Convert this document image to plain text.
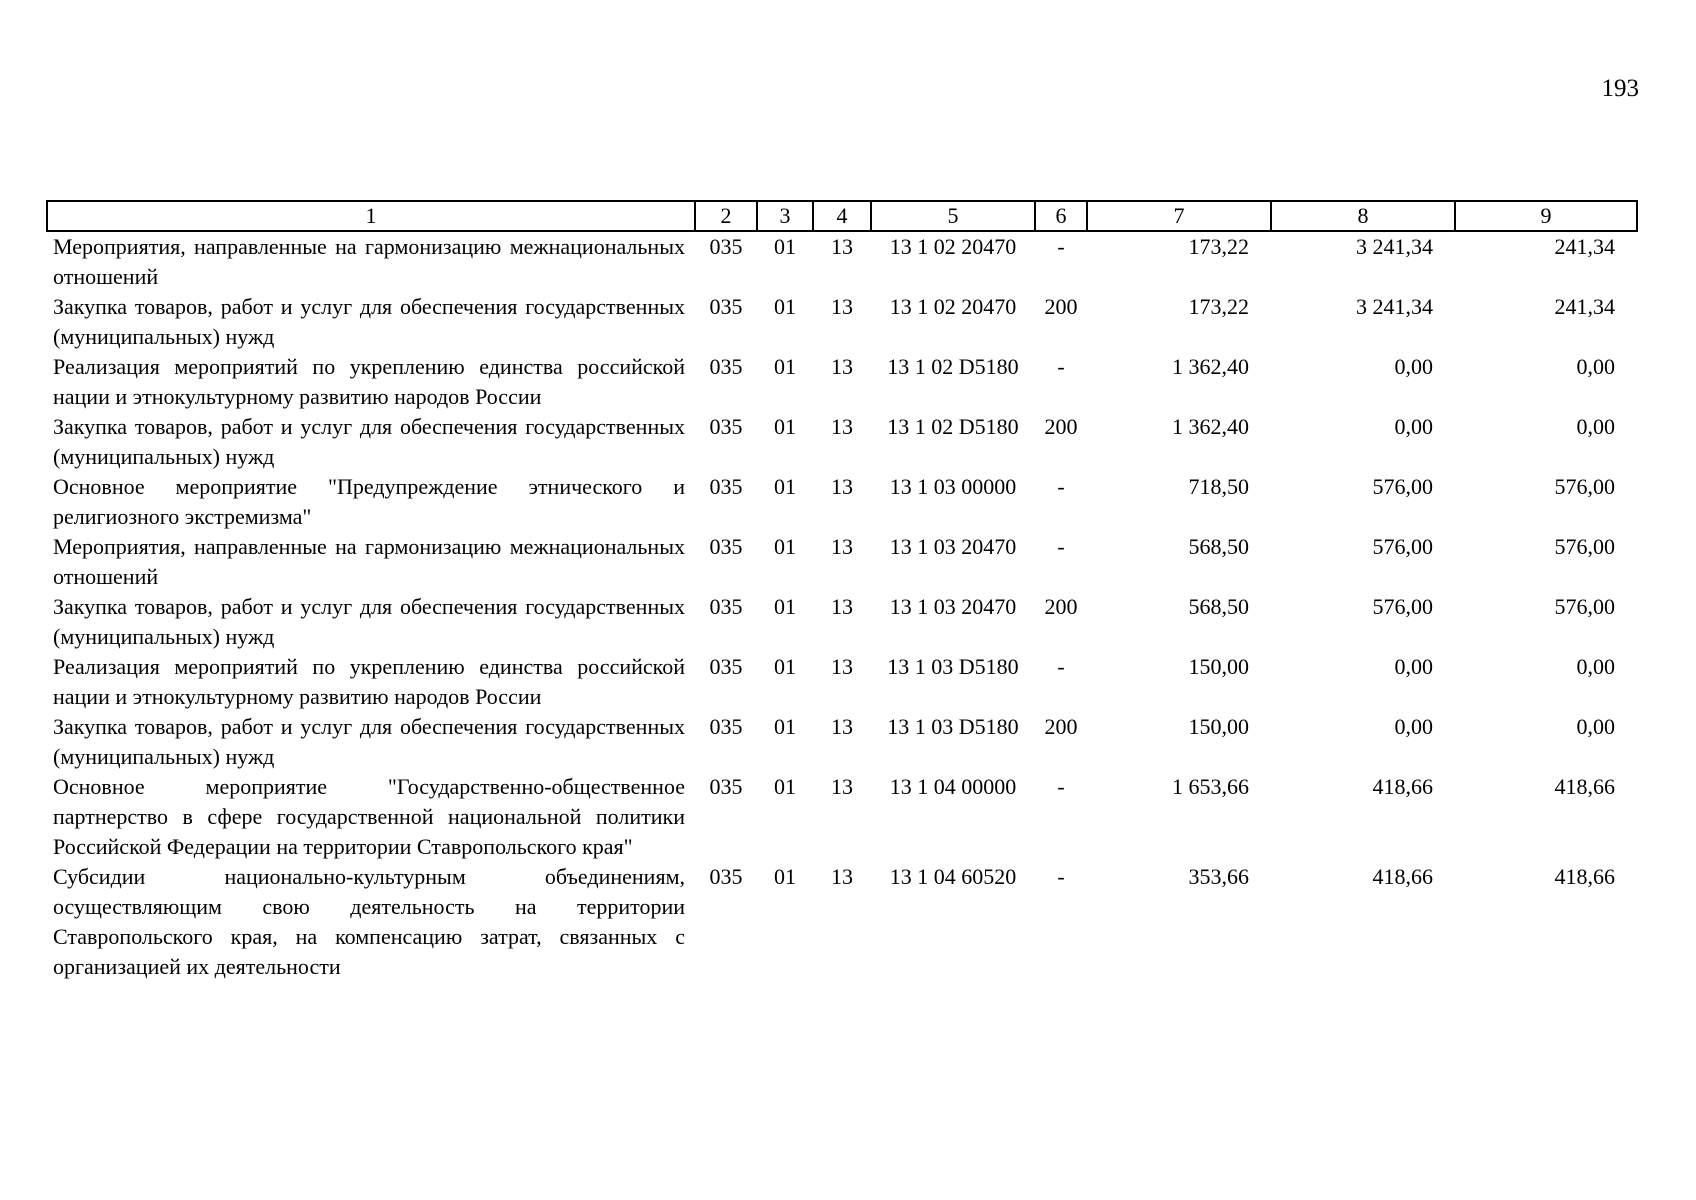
193
1	2	3	4	5	6	7	8	9
Мероприятия, направленные на гармонизацию межнациональных отношений	035	01	13	13 1 02 20470	-	173,22	3 241,34	241,34
Закупка товаров, работ и услуг для обеспечения государственных (муниципальных) нужд	035	01	13	13 1 02 20470	200	173,22	3 241,34	241,34
Реализация мероприятий по укреплению единства российской нации и этнокультурному развитию народов России	035	01	13	13 1 02 D5180	-	1 362,40	0,00	0,00
Закупка товаров, работ и услуг для обеспечения государственных (муниципальных) нужд	035	01	13	13 1 02 D5180	200	1 362,40	0,00	0,00
Основное мероприятие "Предупреждение этнического и религиозного экстремизма"	035	01	13	13 1 03 00000	-	718,50	576,00	576,00
Мероприятия, направленные на гармонизацию межнациональных отношений	035	01	13	13 1 03 20470	-	568,50	576,00	576,00
Закупка товаров, работ и услуг для обеспечения государственных (муниципальных) нужд	035	01	13	13 1 03 20470	200	568,50	576,00	576,00
Реализация мероприятий по укреплению единства российской нации и этнокультурному развитию народов России	035	01	13	13 1 03 D5180	-	150,00	0,00	0,00
Закупка товаров, работ и услуг для обеспечения государственных (муниципальных) нужд	035	01	13	13 1 03 D5180	200	150,00	0,00	0,00
Основное мероприятие "Государственно-общественное партнерство в сфере государственной национальной политики Российской Федерации на территории Ставропольского края"	035	01	13	13 1 04 00000	-	1 653,66	418,66	418,66
Субсидии национально-культурным объединениям, осуществляющим свою деятельность на территории Ставропольского края, на компенсацию затрат, связанных с организацией их деятельности	035	01	13	13 1 04 60520	-	353,66	418,66	418,66
